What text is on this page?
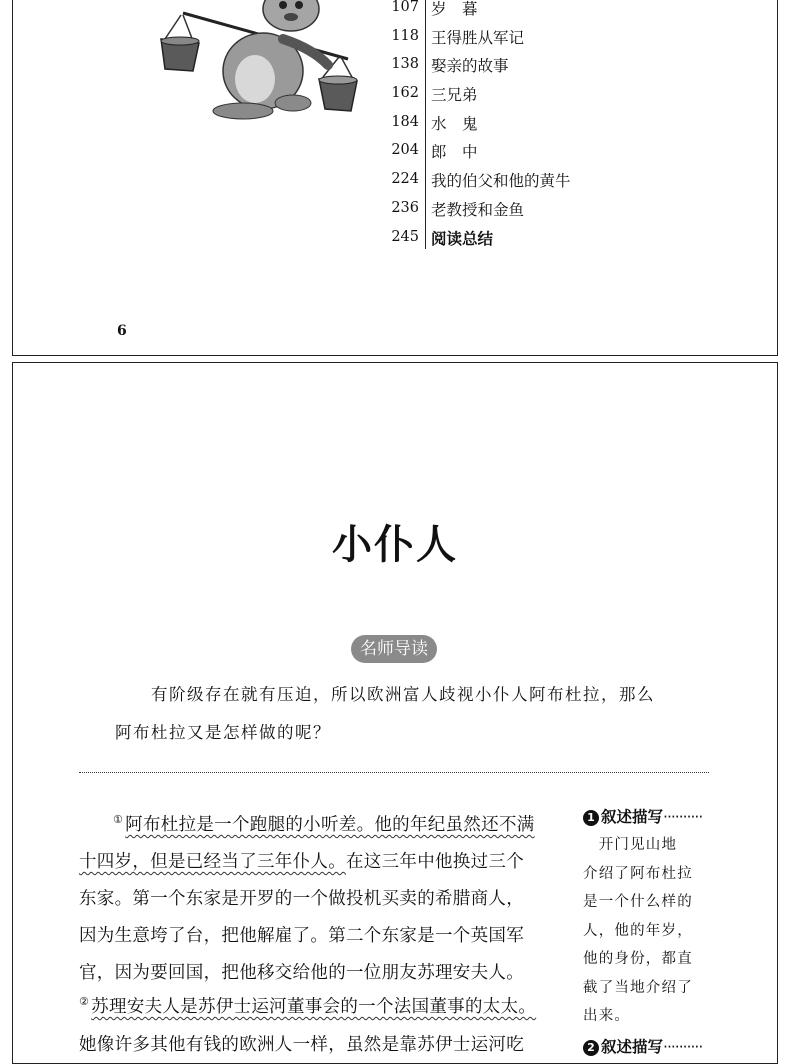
107 岁　暮
118 王得胜从军记
138 娶亲的故事
162 三兄弟
184 水　鬼
204 郎　中
224 我的伯父和他的黄牛
236 老教授和金鱼
245 阅读总结
6
小仆人
名师导读
有阶级存在就有压迫，所以欧洲富人歧视小仆人阿布杜拉，那么
阿布杜拉又是怎样做的呢？
① 阿布杜拉是一个跑腿的小听差。他的年纪虽然还不满
十四岁，但是已经当了三年仆人。在这三年中他换过三个
东家。第一个东家是开罗的一个做投机买卖的希腊商人，
因为生意垮了台，把他解雇了。第二个东家是一个英国军
官，因为要回国，把他移交给他的一位朋友苏理安夫人。
② 苏理安夫人是苏伊士运河董事会的一个法国董事的太太。
她像许多其他有钱的欧洲人一样，虽然是靠苏伊士运河吃
1 叙述描写··········
　开门见山地
介绍了阿布杜拉
是一个什么样的
人，他的年岁，
他的身份，都直
截了当地介绍了
出来。
2 叙述描写··········
